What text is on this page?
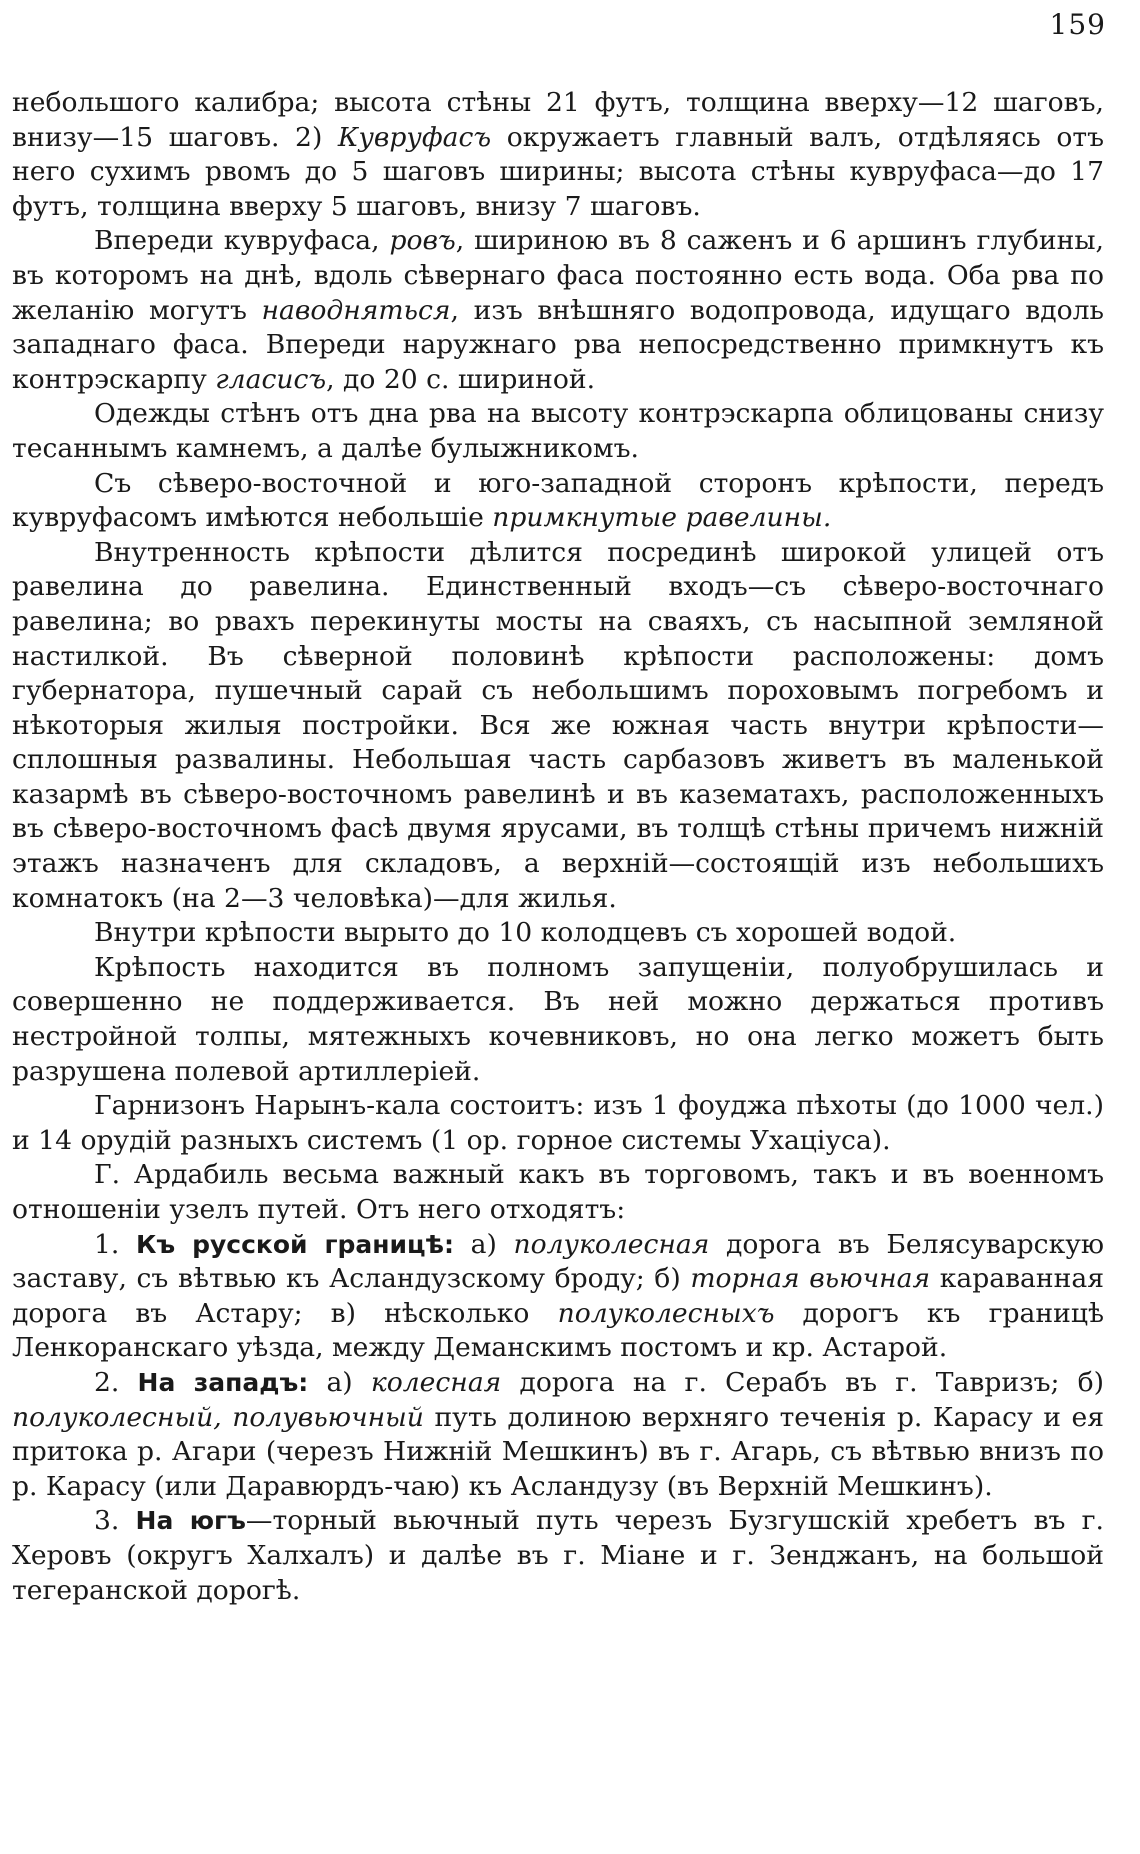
159

небольшого калибра; высота стѣны 21 футъ, толщина вверху—12 шаговъ, внизу—15 шаговъ. 2) Кувруфасъ окружаетъ главный валъ, отдѣляясь отъ него сухимъ рвомъ до 5 шаговъ ширины; высота стѣны кувруфаса—до 17 футъ, толщина вверху 5 шаговъ, внизу 7 шаговъ.

Впереди кувруфаса, ровъ, шириною въ 8 саженъ и 6 аршинъ глубины, въ которомъ на днѣ, вдоль сѣвернаго фаса постоянно есть вода. Оба рва по желанію могутъ наводняться, изъ внѣшняго водопровода, идущаго вдоль западнаго фаса. Впереди наружнаго рва непосредственно примкнутъ къ контрэскарпу гласисъ, до 20 с. шириной.

Одежды стѣнъ отъ дна рва на высоту контрэскарпа облицованы снизу тесаннымъ камнемъ, а далѣе булыжникомъ.

Съ сѣверо-восточной и юго-западной сторонъ крѣпости, передъ кувруфасомъ имѣются небольшіе примкнутые равелины.

Внутренность крѣпости дѣлится посрединѣ широкой улицей отъ равелина до равелина. Единственный входъ—съ сѣверо-восточнаго равелина; во рвахъ перекинуты мосты на сваяхъ, съ насыпной земляной настилкой. Въ сѣверной половинѣ крѣпости расположены: домъ губернатора, пушечный сарай съ небольшимъ пороховымъ погребомъ и нѣкоторыя жилыя постройки. Вся же южная часть внутри крѣпости—сплошныя развалины. Небольшая часть сарбазовъ живетъ въ маленькой казармѣ въ сѣверо-восточномъ равелинѣ и въ казематахъ, расположенныхъ въ сѣверо-восточномъ фасѣ двумя ярусами, въ толщѣ стѣны причемъ нижній этажъ назначенъ для складовъ, а верхній—состоящій изъ небольшихъ комнатокъ (на 2—3 человѣка)—для жилья.

Внутри крѣпости вырыто до 10 колодцевъ съ хорошей водой.

Крѣпость находится въ полномъ запущеніи, полуобрушилась и совершенно не поддерживается. Въ ней можно держаться противъ нестройной толпы, мятежныхъ кочевниковъ, но она легко можетъ быть разрушена полевой артиллеріей.

Гарнизонъ Нарынъ-кала состоитъ: изъ 1 фоуджа пѣхоты (до 1000 чел.) и 14 орудій разныхъ системъ (1 ор. горное системы Ухаціуса).

Г. Ардабиль весьма важный какъ въ торговомъ, такъ и въ военномъ отношеніи узелъ путей. Отъ него отходятъ:

1. Къ русской границѣ: а) полуколесная дорога въ Белясуварскую заставу, съ вѣтвью къ Асландузскому броду; б) торная вьючная караванная дорога въ Астару; в) нѣсколько полуколесныхъ дорогъ къ границѣ Ленкоранскаго уѣзда, между Деманскимъ постомъ и кр. Астарой.

2. На западъ: а) колесная дорога на г. Серабъ въ г. Тавризъ; б) полуколесный, полувьючный путь долиною верхняго теченія р. Карасу и ея притока р. Агари (черезъ Нижній Мешкинъ) въ г. Агарь, съ вѣтвью внизъ по р. Карасу (или Даравюрдъ-чаю) къ Асландузу (въ Верхній Мешкинъ).

3. На югъ—торный вьючный путь черезъ Бузгушскій хребетъ въ г. Херовъ (округъ Халхалъ) и далѣе въ г. Міане и г. Зенджанъ, на большой тегеранской дорогѣ.
